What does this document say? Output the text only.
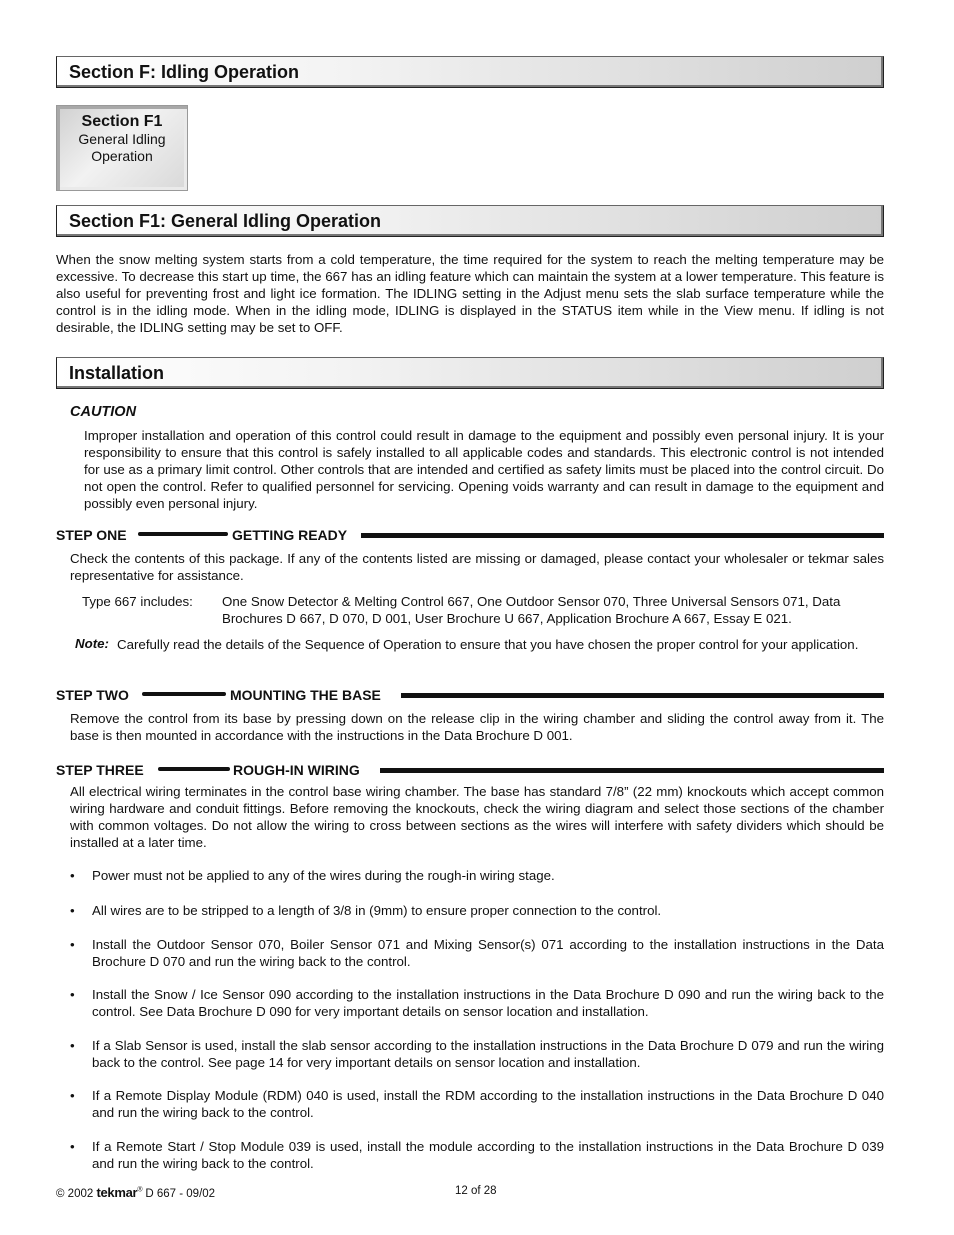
Section F: Idling Operation
Section F1
General Idling
Operation
Section F1: General Idling Operation
When the snow melting system starts from a cold temperature, the time required for the system to reach the melting temperature may be excessive. To decrease this start up time, the 667 has an idling feature which can maintain the system at a lower temperature. This feature is also useful for preventing frost and light ice formation. The IDLING setting in the Adjust menu sets the slab surface temperature while the control is in the idling mode. When in the idling mode, IDLING is displayed in the STATUS item while in the View menu. If idling is not desirable, the IDLING setting may be set to OFF.
Installation
CAUTION
Improper installation and operation of this control could result in damage to the equipment and possibly even personal injury. It is your responsibility to ensure that this control is safely installed to all applicable codes and standards. This electronic control is not intended for use as a primary limit control. Other controls that are intended and certified as safety limits must be placed into the control circuit. Do not open the control. Refer to qualified personnel for servicing. Opening voids warranty and can result in damage to the equipment and possibly even personal injury.
STEP ONE	GETTING READY
Check the contents of this package. If any of the contents listed are missing or damaged, please contact your wholesaler or tekmar sales representative for assistance.
Type 667 includes: One Snow Detector & Melting Control 667, One Outdoor Sensor 070, Three Universal Sensors 071, Data Brochures D 667, D 070, D 001, User Brochure U 667, Application Brochure A 667, Essay E 021.
Note: Carefully read the details of the Sequence of Operation to ensure that you have chosen the proper control for your application.
STEP TWO	MOUNTING THE BASE
Remove the control from its base by pressing down on the release clip in the wiring chamber and sliding the control away from it. The base is then mounted in accordance with the instructions in the Data Brochure D 001.
STEP THREE	ROUGH-IN WIRING
All electrical wiring terminates in the control base wiring chamber. The base has standard 7/8” (22 mm) knockouts which accept common wiring hardware and conduit fittings. Before removing the knockouts, check the wiring diagram and select those sections of the chamber with common voltages. Do not allow the wiring to cross between sections as the wires will interfere with safety dividers which should be installed at a later time.
• Power must not be applied to any of the wires during the rough-in wiring stage.
• All wires are to be stripped to a length of 3/8 in (9mm) to ensure proper connection to the control.
• Install the Outdoor Sensor 070, Boiler Sensor 071 and Mixing Sensor(s) 071 according to the installation instructions in the Data Brochure D 070 and run the wiring back to the control.
• Install the Snow / Ice Sensor 090 according to the installation instructions in the Data Brochure D 090 and run the wiring back to the control. See Data Brochure D 090 for very important details on sensor location and installation.
• If a Slab Sensor is used, install the slab sensor according to the installation instructions in the Data Brochure D 079 and run the wiring back to the control. See page 14 for very important details on sensor location and installation.
• If a Remote Display Module (RDM) 040 is used, install the RDM according to the installation instructions in the Data Brochure D 040 and run the wiring back to the control.
• If a Remote Start / Stop Module 039 is used, install the module according to the installation instructions in the Data Brochure D 039 and run the wiring back to the control.
© 2002 tekmar® D 667 - 09/02	12 of 28
